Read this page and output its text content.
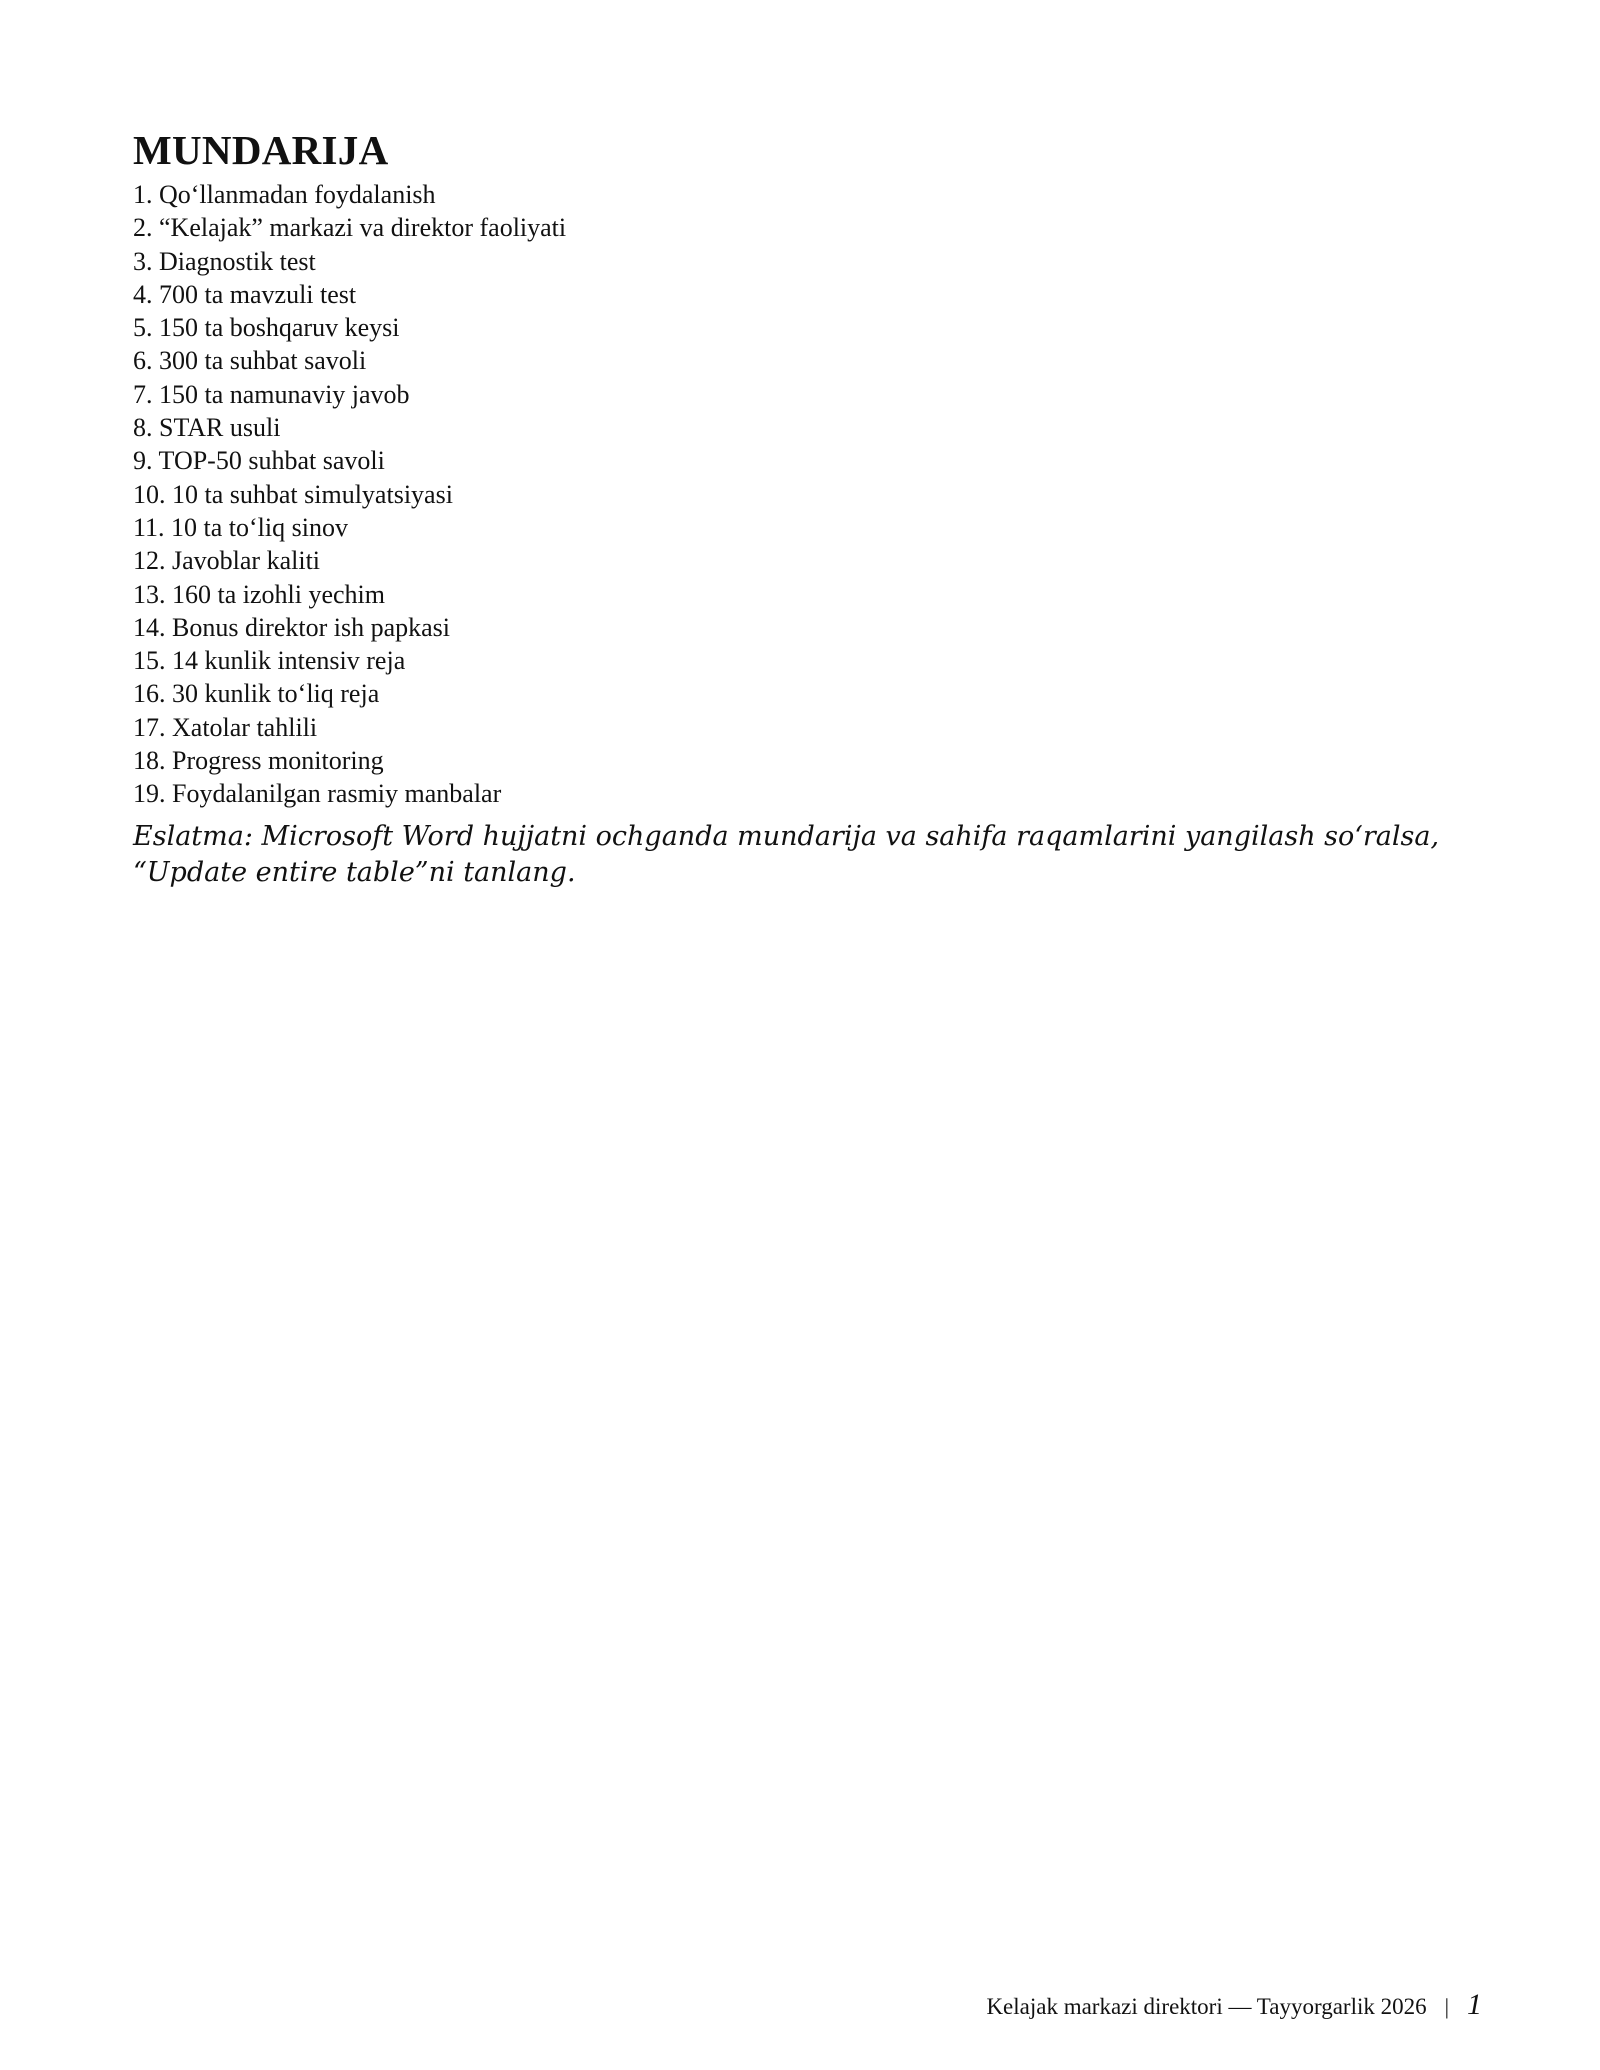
MUNDARIJA
1. Qo‘llanmadan foydalanish
2. “Kelajak” markazi va direktor faoliyati
3. Diagnostik test
4. 700 ta mavzuli test
5. 150 ta boshqaruv keysi
6. 300 ta suhbat savoli
7. 150 ta namunaviy javob
8. STAR usuli
9. TOP-50 suhbat savoli
10. 10 ta suhbat simulyatsiyasi
11. 10 ta to‘liq sinov
12. Javoblar kaliti
13. 160 ta izohli yechim
14. Bonus direktor ish papkasi
15. 14 kunlik intensiv reja
16. 30 kunlik to‘liq reja
17. Xatolar tahlili
18. Progress monitoring
19. Foydalanilgan rasmiy manbalar

Eslatma: Microsoft Word hujjatni ochganda mundarija va sahifa raqamlarini yangilash so‘ralsa, “Update entire table”ni tanlang.

Kelajak markazi direktori — Tayyorgarlik 2026 | 1
